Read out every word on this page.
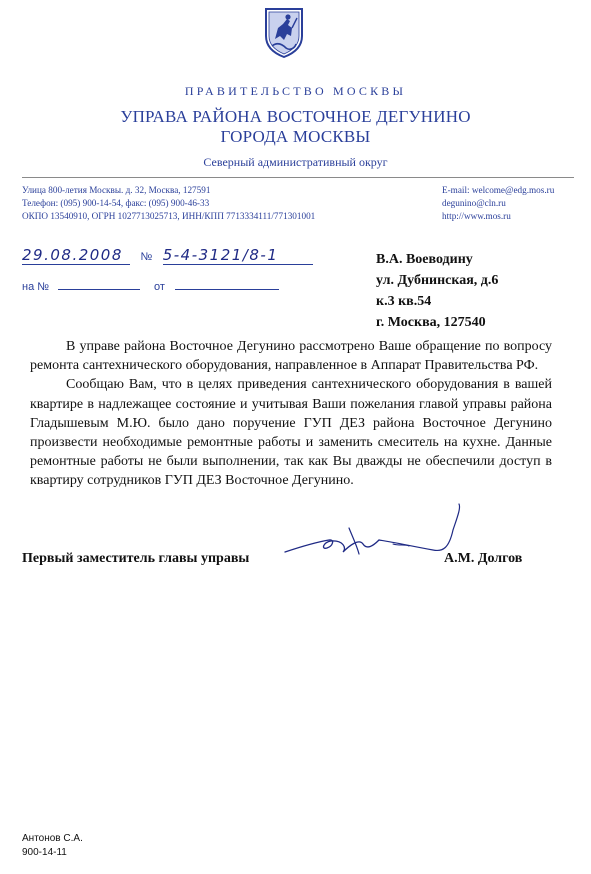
ПРАВИТЕЛЬСТВО МОСКВЫ
УПРАВА РАЙОНА ВОСТОЧНОЕ ДЕГУНИНО
ГОРОДА МОСКВЫ
Северный административный округ
Улица 800-летия Москвы. д. 32, Москва, 127591
Телефон: (095) 900-14-54, факс: (095) 900-46-33
ОКПО 13540910, ОГРН 1027713025713, ИНН/КПП 7713334111/771301001
E-mail: welcome@edg.mos.ru
degunino@cln.ru
http://www.mos.ru
29.08.2008 № 5-4-3121/8-1
на №	от
В.А. Воеводину
ул. Дубнинская, д.6
к.3 кв.54
г. Москва, 127540

В управе района Восточное Дегунино рассмотрено Ваше обращение по вопросу ремонта сантехнического оборудования, направленное в Аппарат Правительства РФ.

Сообщаю Вам, что в целях приведения сантехнического оборудования в вашей квартире в надлежащее состояние и учитывая Ваши пожелания главой управы района Гладышевым М.Ю. было дано поручение ГУП ДЕЗ района Восточное Дегунино произвести необходимые ремонтные работы и заменить смеситель на кухне. Данные ремонтные работы не были выполнении, так как Вы дважды не обеспечили доступ в квартиру сотрудников ГУП ДЕЗ Восточное Дегунино.

Первый заместитель главы управы	А.М. Долгов
Антонов С.А.
900-14-11
